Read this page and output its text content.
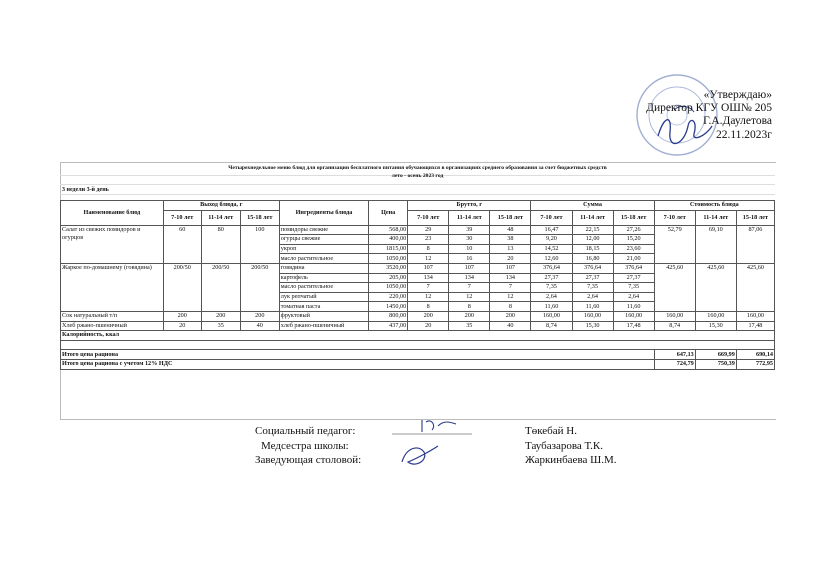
«Утверждаю»
Директор КГУ ОШ№ 205
Г.А.Даулетова
22.11.2023г
Четырехнедельное меню блюд для организации бесплатного питания обучающихся в организациях среднего образования за счет бюджетных средств
лето - осень 2023 год
3 недели 3-й день
Наименование блюд	Выход блюда, г			Ингредиенты блюда	Цена	Брутто, г			Сумма			Стоимость блюда		
	7-10 лет	11-14 лет	15-18 лет			7-10 лет	11-14 лет	15-18 лет	7-10 лет	11-14 лет	15-18 лет	7-10 лет	11-14 лет	15-18 лет
Салат из свежих помидоров и огурцов	60	80	100	помидоры свежие	568,00	29	39	48	16,47	22,15	27,26	52,79	69,10	87,06
				огурцы свежие	400,00	23	30	38	9,20	12,00	15,20			
				укроп	1815,00	8	10	13	14,52	18,15	23,60			
				масло растительное	1050,00	12	16	20	12,60	16,80	21,00			
Жаркое по-домашнему (говядина)	200/50	200/50	200/50	говядина	3520,00	107	107	107	376,64	376,64	376,64	425,60	425,60	425,60
				картофель	205,00	134	134	134	27,37	27,37	27,37			
				масло растительное	1050,00	7	7	7	7,35	7,35	7,35			
				лук репчатый	220,00	12	12	12	2,64	2,64	2,64			
				томатная паста	1450,00	8	8	8	11,60	11,60	11,60			
Сок натуральный т/п	200	200	200	фруктовый	800,00	200	200	200	160,00	160,00	160,00	160,00	160,00	160,00
Хлеб ржано-пшеничный	20	35	40	хлеб ржано-пшеничный	437,00	20	35	40	8,74	15,30	17,48	8,74	15,30	17,48
Калорийность, ккал														

Итого цена рациона												647,13	669,99	690,14
Итого цена рациона с учетом 12% НДС												724,79	750,39	772,95
Социальный педагог:	Төкебай Н.
Медсестра школы:	Таубазарова Т.К.
Заведующая столовой:	Жаркинбаева Ш.М.
